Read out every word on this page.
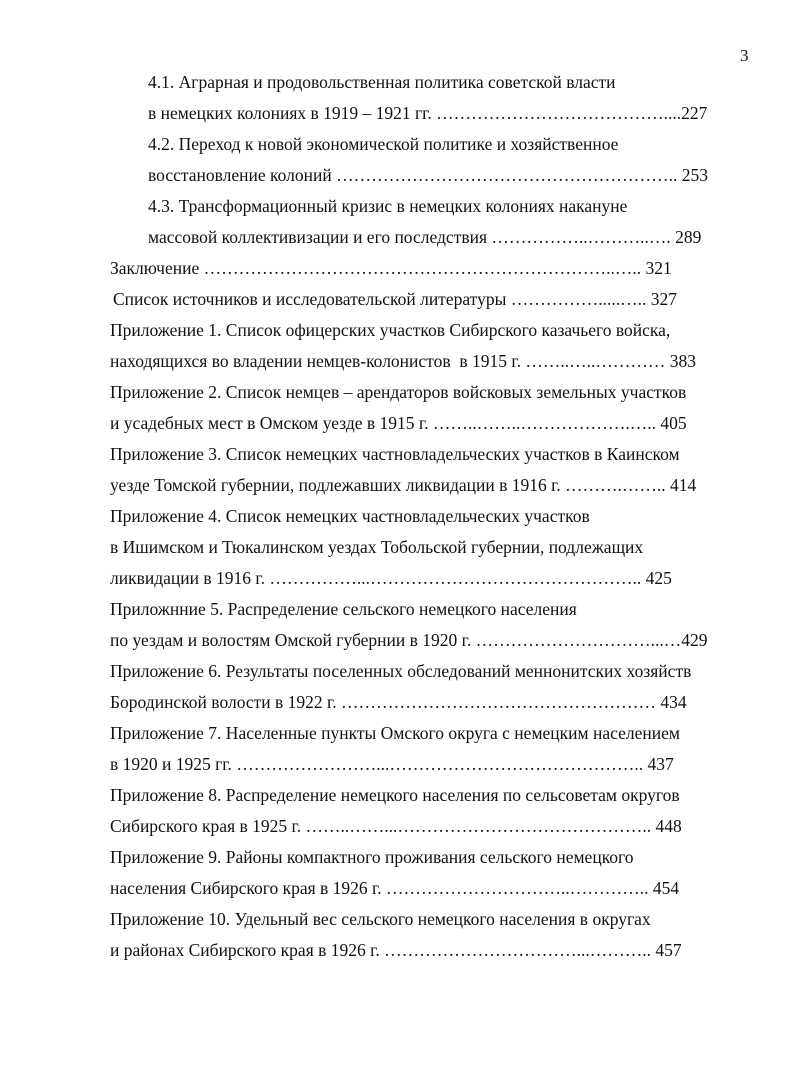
3
4.1. Аграрная и продовольственная политика советской власти
в немецких колониях в 1919 – 1921 гг. …………………………………....227
4.2. Переход к новой экономической политике и хозяйственное
восстановление колоний ………………………………………………….. 253
4.3. Трансформационный кризис в немецких колониях накануне
массовой коллективизации и его последствия ……………..………..…. 289
Заключение ……………………………………………………………..….. 321
Список источников и исследовательской литературы …………….....….. 327
Приложение 1. Список офицерских участков Сибирского казачьего войска,
находящихся во владении немцев-колонистов  в 1915 г. ……..…..………… 383
Приложение 2. Список немцев – арендаторов войсковых земельных участков
и усадебных мест в Омском уезде в 1915 г. ……..……..……………….….. 405
Приложение 3. Список немецких частновладельческих участков в Каинском
уезде Томской губернии, подлежавших ликвидации в 1916 г. ……….…….. 414
Приложение 4. Список немецких частновладельческих участков
в Ишимском и Тюкалинском уездах Тобольской губернии, подлежащих
ликвидации в 1916 г. ……………...……………………………………….. 425
Приложнние 5. Распределение сельского немецкого населения
по уездам и волостям Омской губернии в 1920 г. …………………………...…429
Приложение 6. Результаты поселенных обследований меннонитских хозяйств
Бородинской волости в 1922 г. ……………………………………………… 434
Приложение 7. Населенные пункты Омского округа с немецким населением
в 1920 и 1925 гг. ……………………...…………………………………….. 437
Приложение 8. Распределение немецкого населения по сельсоветам округов
Сибирского края в 1925 г. ……..……...…………………………………….. 448
Приложение 9. Районы компактного проживания сельского немецкого
населения Сибирского края в 1926 г. …………………………..………….. 454
Приложение 10. Удельный вес сельского немецкого населения в округах
и районах Сибирского края в 1926 г. ……………………………...……….. 457
